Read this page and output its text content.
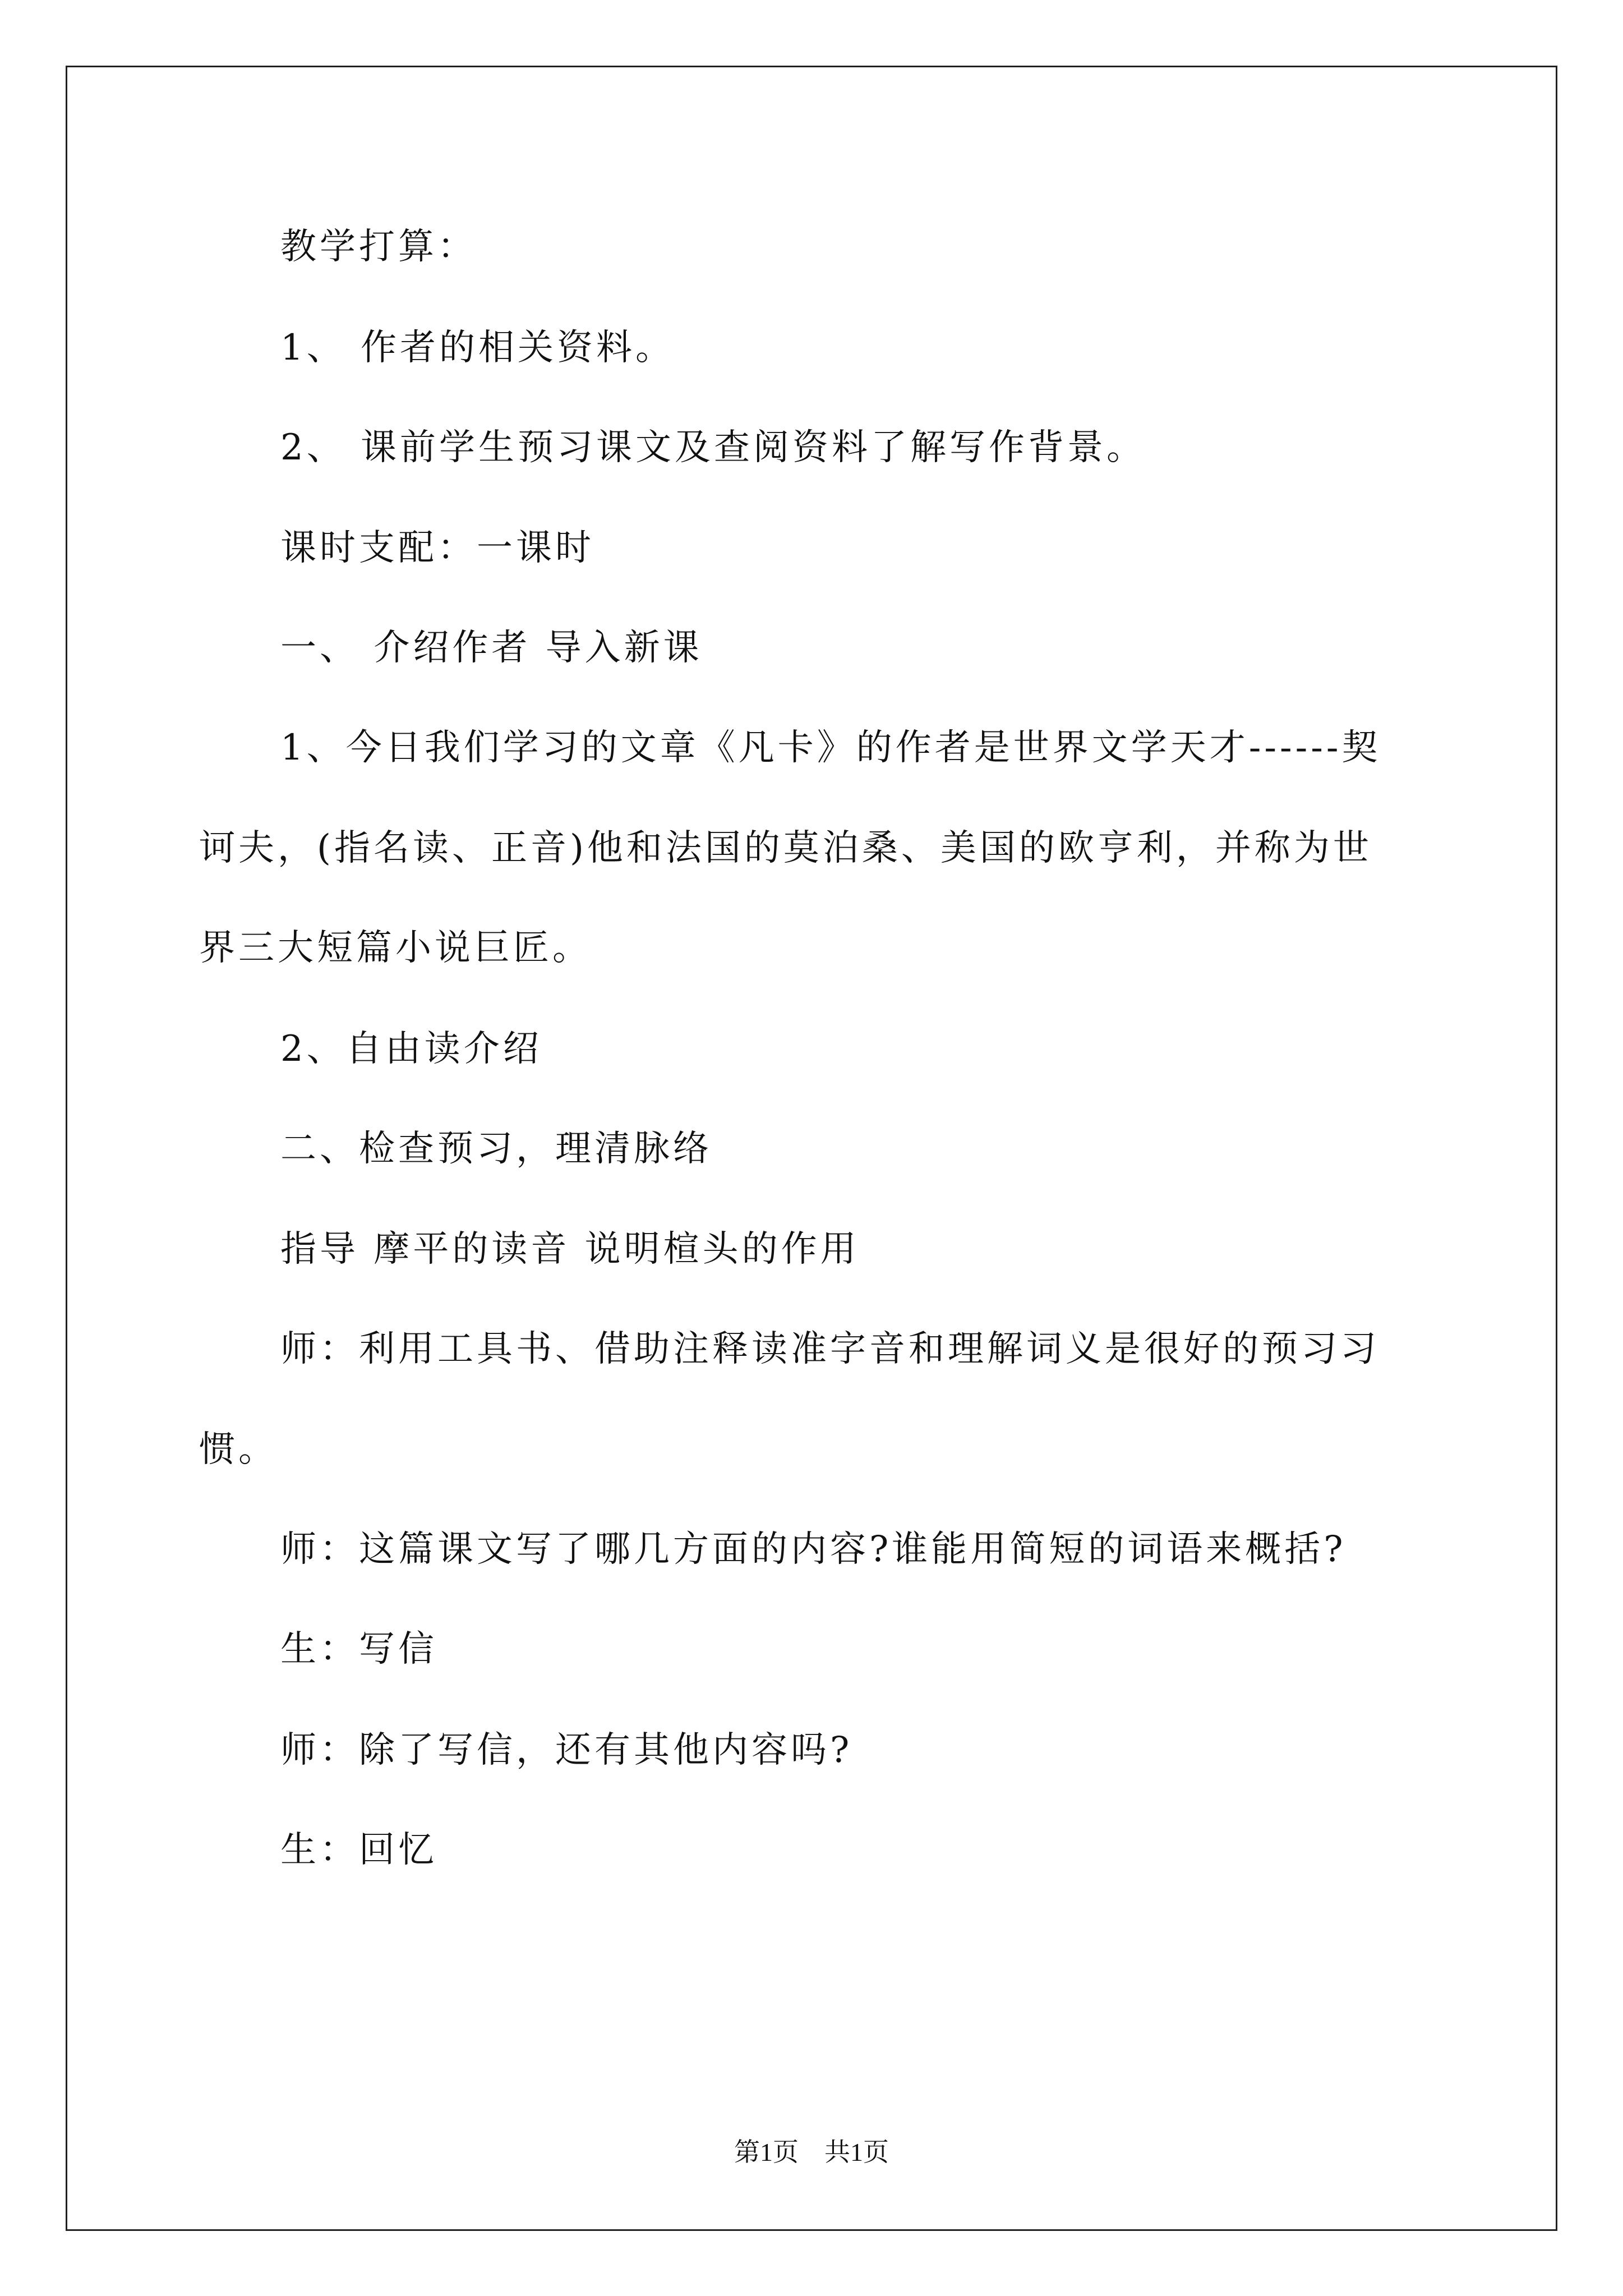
教学打算：
1、 作者的相关资料。
2、 课前学生预习课文及查阅资料了解写作背景。
课时支配：一课时
一、 介绍作者 导入新课
1、今日我们学习的文章《凡卡》的作者是世界文学天才------契
诃夫，(指名读、正音)他和法国的莫泊桑、美国的欧亨利，并称为世
界三大短篇小说巨匠。
2、自由读介绍
二、检查预习，理清脉络
指导 摩平的读音 说明楦头的作用
师：利用工具书、借助注释读准字音和理解词义是很好的预习习
惯。
师：这篇课文写了哪几方面的内容?谁能用简短的词语来概括?
生：写信
师：除了写信，还有其他内容吗?
生：回忆
第1页　共1页
